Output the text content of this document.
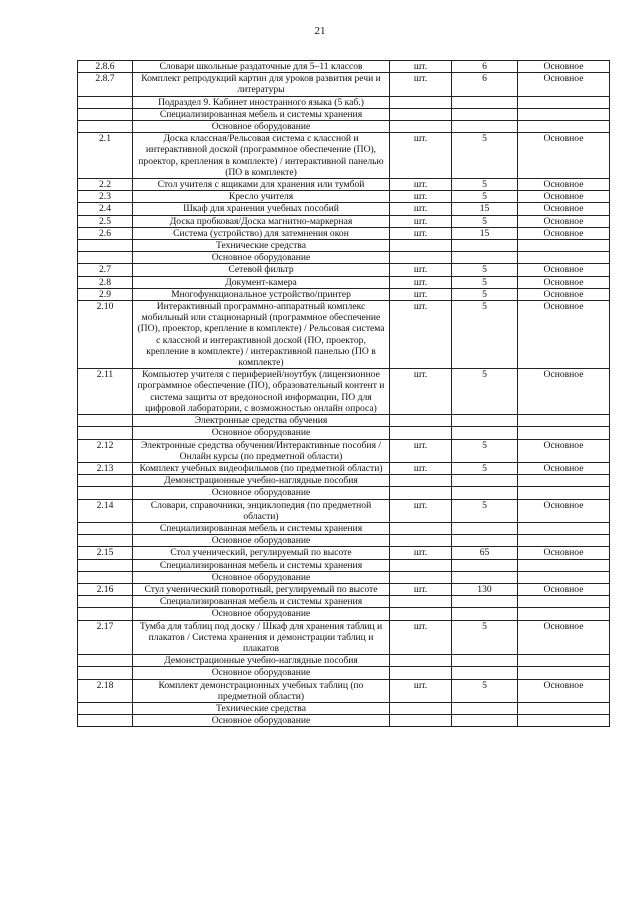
21
2.8.6	Словари школьные раздаточные для 5–11 классов	шт.	6	Основное
2.8.7	Комплект репродукций картин для уроков развития речи и литературы	шт.	6	Основное
	Подраздел 9. Кабинет иностранного языка (5 каб.)			
	Специализированная мебель и системы хранения			
	Основное оборудование			
2.1	Доска классная/Рельсовая система с классной и интерактивной доской (программное обеспечение (ПО), проектор, крепления в комплекте) / интерактивной панелью (ПО в комплекте)	шт.	5	Основное
2.2	Стол учителя с ящиками для хранения или тумбой	шт.	5	Основное
2.3	Кресло учителя	шт.	5	Основное
2.4	Шкаф для хранения учебных пособий	шт.	15	Основное
2.5	Доска пробковая/Доска магнитно-маркерная	шт.	5	Основное
2.6	Система (устройство) для затемнения окон	шт.	15	Основное
	Технические средства			
	Основное оборудование			
2.7	Сетевой фильтр	шт.	5	Основное
2.8	Документ-камера	шт.	5	Основное
2.9	Многофункциональное устройство/принтер	шт.	5	Основное
2.10	Интерактивный программно-аппаратный комплекс мобильный или стационарный (программное обеспечение (ПО), проектор, крепление в комплекте) / Рельсовая система с классной и интерактивной доской (ПО, проектор, крепление в комплекте) / интерактивной панелью (ПО в комплекте)	шт.	5	Основное
2.11	Компьютер учителя с периферией/ноутбук (лицензионное программное обеспечение (ПО), образовательный контент и система защиты от вредоносной информации, ПО для цифровой лаборатории, с возможностью онлайн опроса)	шт.	5	Основное
	Электронные средства обучения			
	Основное оборудование			
2.12	Электронные средства обучения/Интерактивные пособия / Онлайн курсы (по предметной области)	шт.	5	Основное
2.13	Комплект учебных видеофильмов (по предметной области)	шт.	5	Основное
	Демонстрационные учебно-наглядные пособия			
	Основное оборудование			
2.14	Словари, справочники, энциклопедия (по предметной области)	шт.	5	Основное
	Специализированная мебель и системы хранения			
	Основное оборудование			
2.15	Стол ученический, регулируемый по высоте	шт.	65	Основное
	Специализированная мебель и системы хранения			
	Основное оборудование			
2.16	Стул ученический поворотный, регулируемый по высоте	шт.	130	Основное
	Специализированная мебель и системы хранения			
	Основное оборудование			
2.17	Тумба для таблиц под доску / Шкаф для хранения таблиц и плакатов / Система хранения и демонстрации таблиц и плакатов	шт.	5	Основное
	Демонстрационные учебно-наглядные пособия			
	Основное оборудование			
2.18	Комплект демонстрационных учебных таблиц (по предметной области)	шт.	5	Основное
	Технические средства			
	Основное оборудование			
